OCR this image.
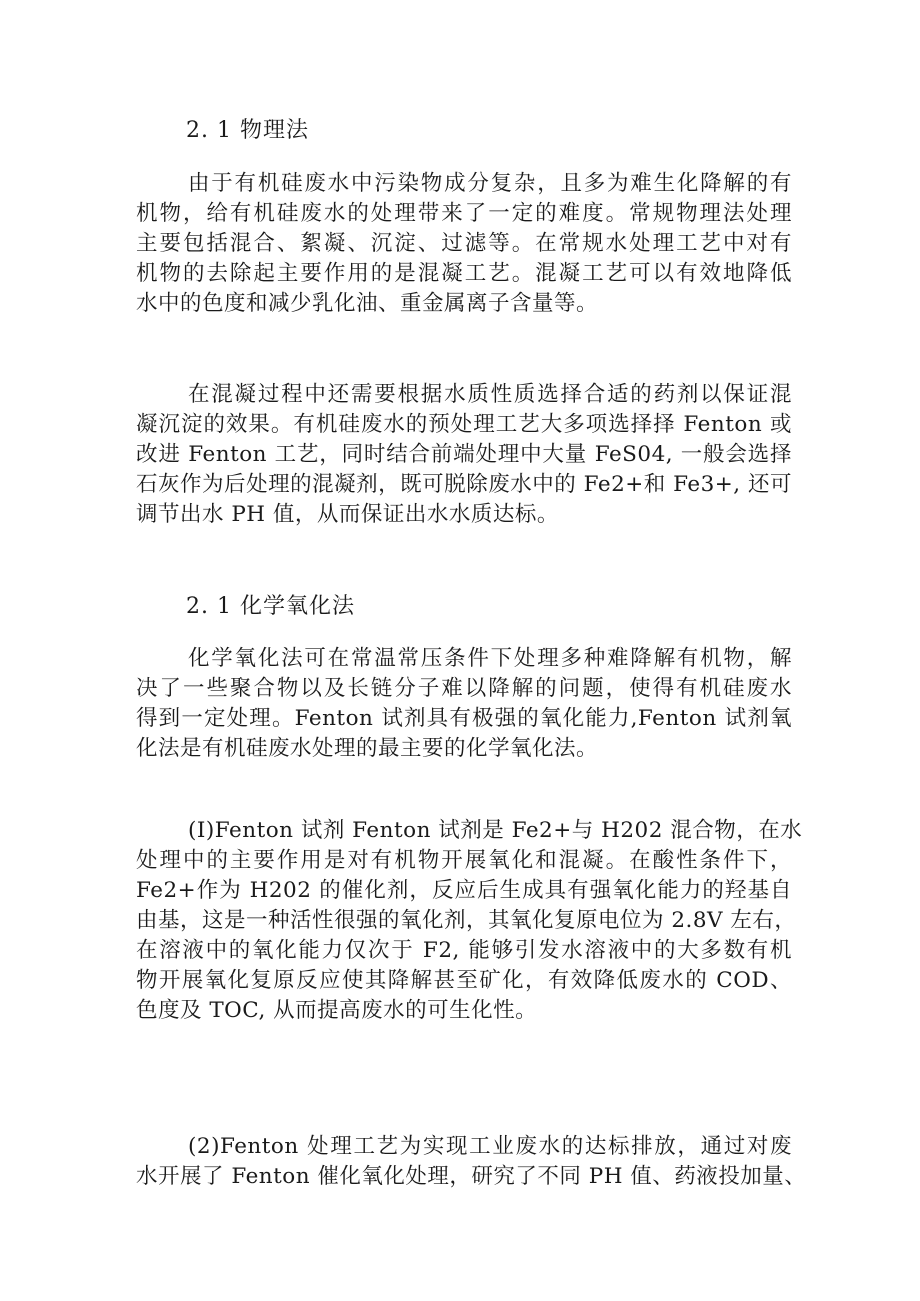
2. 1 物理法
由于有机硅废水中污染物成分复杂，且多为难生化降解的有
机物，给有机硅废水的处理带来了一定的难度。常规物理法处理
主要包括混合、絮凝、沉淀、过滤等。在常规水处理工艺中对有
机物的去除起主要作用的是混凝工艺。混凝工艺可以有效地降低
水中的色度和减少乳化油、重金属离子含量等。
在混凝过程中还需要根据水质性质选择合适的药剂以保证混
凝沉淀的效果。有机硅废水的预处理工艺大多项选择择 Fenton 或
改进 Fenton 工艺，同时结合前端处理中大量 FeS04, 一般会选择
石灰作为后处理的混凝剂，既可脱除废水中的 Fe2+和 Fe3+, 还可
调节出水 PH 值，从而保证出水水质达标。
2. 1 化学氧化法
化学氧化法可在常温常压条件下处理多种难降解有机物，解
决了一些聚合物以及长链分子难以降解的问题，使得有机硅废水
得到一定处理。Fenton 试剂具有极强的氧化能力,Fenton 试剂氧
化法是有机硅废水处理的最主要的化学氧化法。
(I)Fenton 试剂 Fenton 试剂是 Fe2+与 H202 混合物，在水
处理中的主要作用是对有机物开展氧化和混凝。在酸性条件下，
Fe2+作为 H202 的催化剂，反应后生成具有强氧化能力的羟基自
由基，这是一种活性很强的氧化剂，其氧化复原电位为 2.8V 左右，
在溶液中的氧化能力仅次于 F2, 能够引发水溶液中的大多数有机
物开展氧化复原反应使其降解甚至矿化，有效降低废水的 COD、
色度及 TOC, 从而提高废水的可生化性。
(2)Fenton 处理工艺为实现工业废水的达标排放，通过对废
水开展了 Fenton 催化氧化处理，研究了不同 PH 值、药液投加量、
